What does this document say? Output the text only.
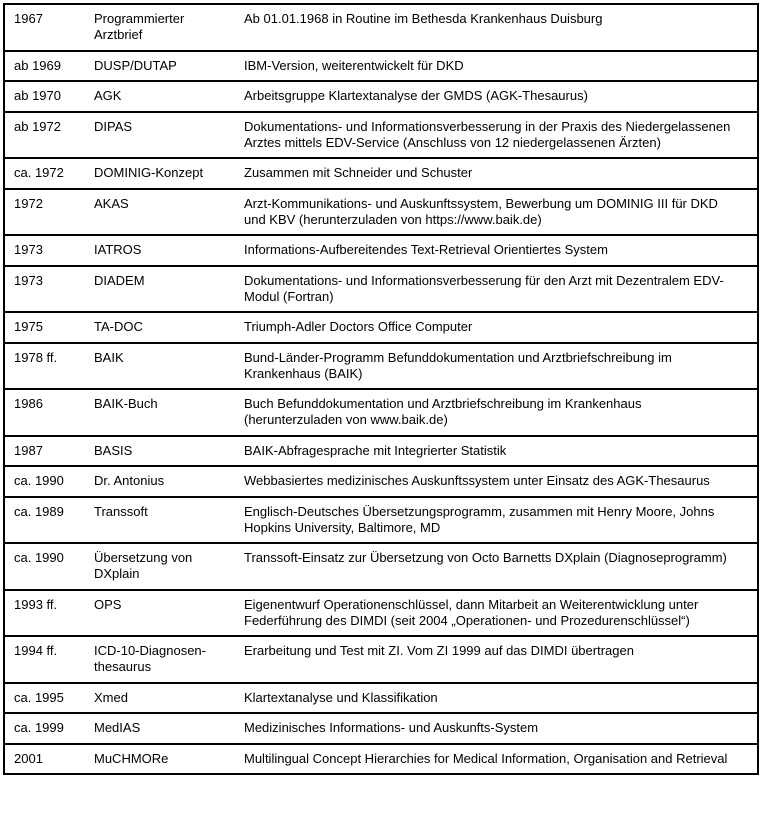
1967	Programmierter Arztbrief	Ab 01.01.1968 in Routine im Bethesda Krankenhaus Duisburg
ab 1969	DUSP/DUTAP	IBM-Version, weiterentwickelt für DKD
ab 1970	AGK	Arbeitsgruppe Klartextanalyse der GMDS (AGK-Thesaurus)
ab 1972	DIPAS	Dokumentations- und Informationsverbesserung in der Praxis des Niedergelassenen Arztes mittels EDV-Service (Anschluss von 12 niedergelassenen Ärzten)
ca. 1972	DOMINIG-Konzept	Zusammen mit Schneider und Schuster
1972	AKAS	Arzt-Kommunikations- und Auskunftssystem, Bewerbung um DOMINIG III für DKD und KBV (herunterzuladen von https://www.baik.de)
1973	IATROS	Informations-Aufbereitendes Text-Retrieval Orientiertes System
1973	DIADEM	Dokumentations- und Informationsverbesserung für den Arzt mit Dezentralem EDV-Modul (Fortran)
1975	TA-DOC	Triumph-Adler Doctors Office Computer
1978 ff.	BAIK	Bund-Länder-Programm Befunddokumentation und Arztbriefschreibung im Krankenhaus (BAIK)
1986	BAIK-Buch	Buch Befunddokumentation und Arztbriefschreibung im Krankenhaus (herunterzuladen von www.baik.de)
1987	BASIS	BAIK-Abfragesprache mit Integrierter Statistik
ca. 1990	Dr. Antonius	Webbasiertes medizinisches Auskunftssystem unter Einsatz des AGK-Thesaurus
ca. 1989	Transsoft	Englisch-Deutsches Übersetzungsprogramm, zusammen mit Henry Moore, Johns Hopkins University, Baltimore, MD
ca. 1990	Übersetzung von DXplain	Transsoft-Einsatz zur Übersetzung von Octo Barnetts DXplain (Diagnoseprogramm)
1993 ff.	OPS	Eigenentwurf Operationenschlüssel, dann Mitarbeit an Weiterentwicklung unter Federführung des DIMDI (seit 2004 „Operationen- und Prozedurenschlüssel“)
1994 ff.	ICD-10-Diagnosenthesaurus	Erarbeitung und Test mit ZI. Vom ZI 1999 auf das DIMDI übertragen
ca. 1995	Xmed	Klartextanalyse und Klassifikation
ca. 1999	MedIAS	Medizinisches Informations- und Auskunfts-System
2001	MuCHMORe	Multilingual Concept Hierarchies for Medical Information, Organisation and Retrieval
